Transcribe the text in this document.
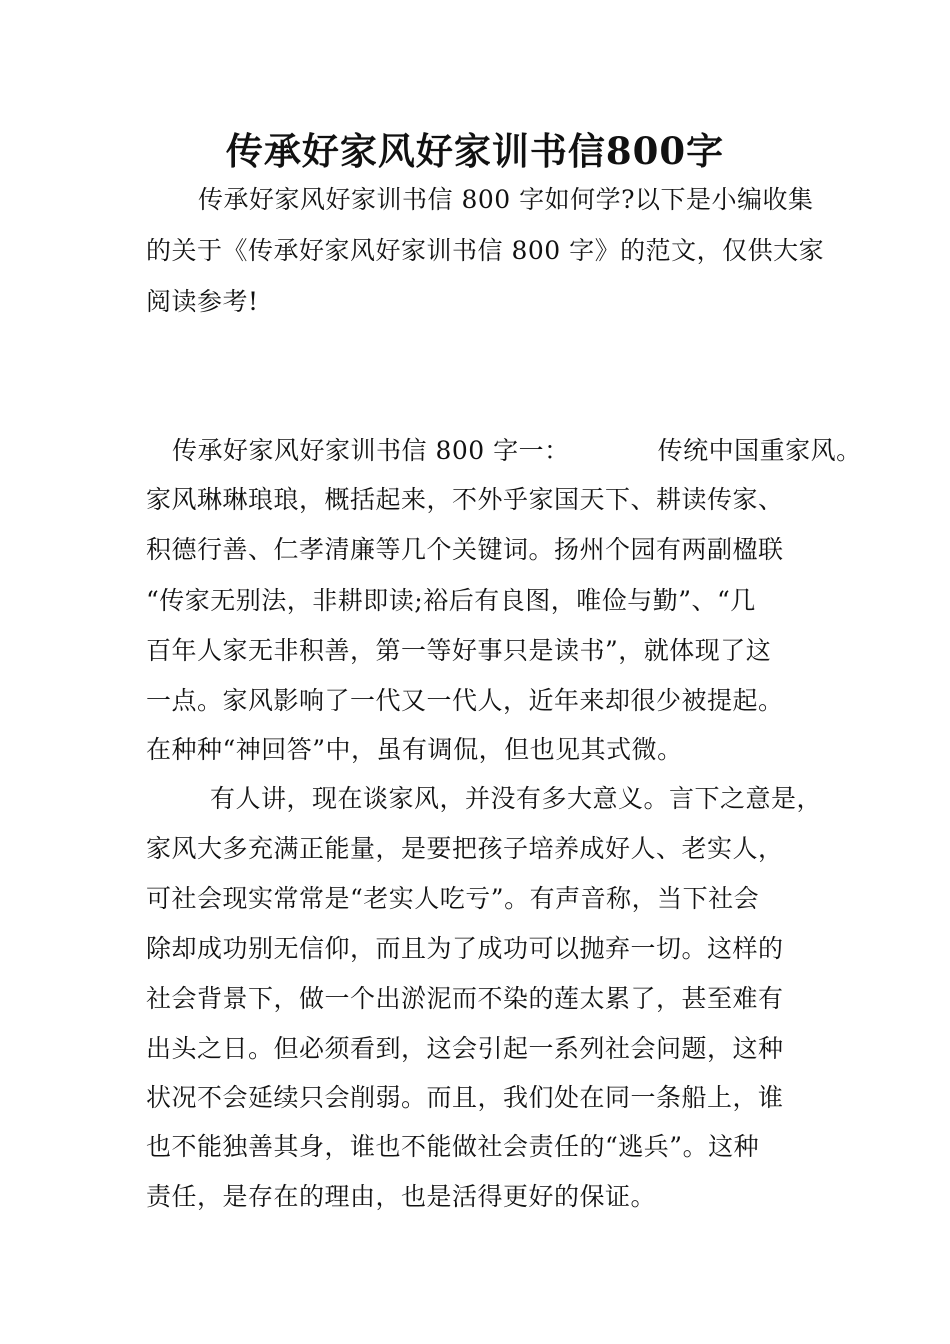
传承好家风好家训书信800字
传承好家风好家训书信 800 字如何学?以下是小编收集
的关于《传承好家风好家训书信 800 字》的范文，仅供大家
阅读参考!
传承好家风好家训书信 800 字一：	传统中国重家风。
家风琳琳琅琅，概括起来，不外乎家国天下、耕读传家、
积德行善、仁孝清廉等几个关键词。扬州个园有两副楹联
“传家无别法，非耕即读;裕后有良图，唯俭与勤”、“几
百年人家无非积善，第一等好事只是读书”，就体现了这
一点。家风影响了一代又一代人，近年来却很少被提起。
在种种“神回答”中，虽有调侃，但也见其式微。
有人讲，现在谈家风，并没有多大意义。言下之意是，
家风大多充满正能量，是要把孩子培养成好人、老实人，
可社会现实常常是“老实人吃亏”。有声音称，当下社会
除却成功别无信仰，而且为了成功可以抛弃一切。这样的
社会背景下，做一个出淤泥而不染的莲太累了，甚至难有
出头之日。但必须看到，这会引起一系列社会问题，这种
状况不会延续只会削弱。而且，我们处在同一条船上，谁
也不能独善其身，谁也不能做社会责任的“逃兵”。这种
责任，是存在的理由，也是活得更好的保证。
